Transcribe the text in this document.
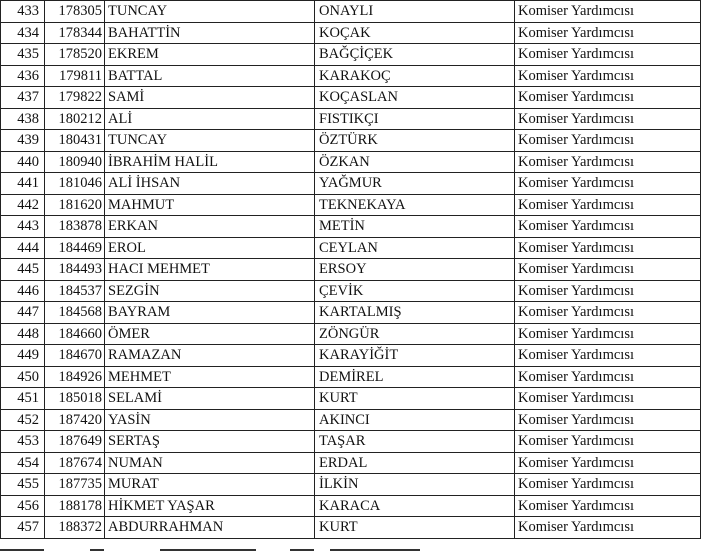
433	178305	TUNCAY	ONAYLI	Komiser Yardımcısı
434	178344	BAHATTİN	KOÇAK	Komiser Yardımcısı
435	178520	EKREM	BAĞÇİÇEK	Komiser Yardımcısı
436	179811	BATTAL	KARAKOÇ	Komiser Yardımcısı
437	179822	SAMİ	KOÇASLAN	Komiser Yardımcısı
438	180212	ALİ	FISTIKÇI	Komiser Yardımcısı
439	180431	TUNCAY	ÖZTÜRK	Komiser Yardımcısı
440	180940	İBRAHİM HALİL	ÖZKAN	Komiser Yardımcısı
441	181046	ALİ İHSAN	YAĞMUR	Komiser Yardımcısı
442	181620	MAHMUT	TEKNEKAYA	Komiser Yardımcısı
443	183878	ERKAN	METİN	Komiser Yardımcısı
444	184469	EROL	CEYLAN	Komiser Yardımcısı
445	184493	HACI MEHMET	ERSOY	Komiser Yardımcısı
446	184537	SEZGİN	ÇEVİK	Komiser Yardımcısı
447	184568	BAYRAM	KARTALMIŞ	Komiser Yardımcısı
448	184660	ÖMER	ZÖNGÜR	Komiser Yardımcısı
449	184670	RAMAZAN	KARAYİĞİT	Komiser Yardımcısı
450	184926	MEHMET	DEMİREL	Komiser Yardımcısı
451	185018	SELAMİ	KURT	Komiser Yardımcısı
452	187420	YASİN	AKINCI	Komiser Yardımcısı
453	187649	SERTAŞ	TAŞAR	Komiser Yardımcısı
454	187674	NUMAN	ERDAL	Komiser Yardımcısı
455	187735	MURAT	İLKİN	Komiser Yardımcısı
456	188178	HİKMET YAŞAR	KARACA	Komiser Yardımcısı
457	188372	ABDURRAHMAN	KURT	Komiser Yardımcısı
